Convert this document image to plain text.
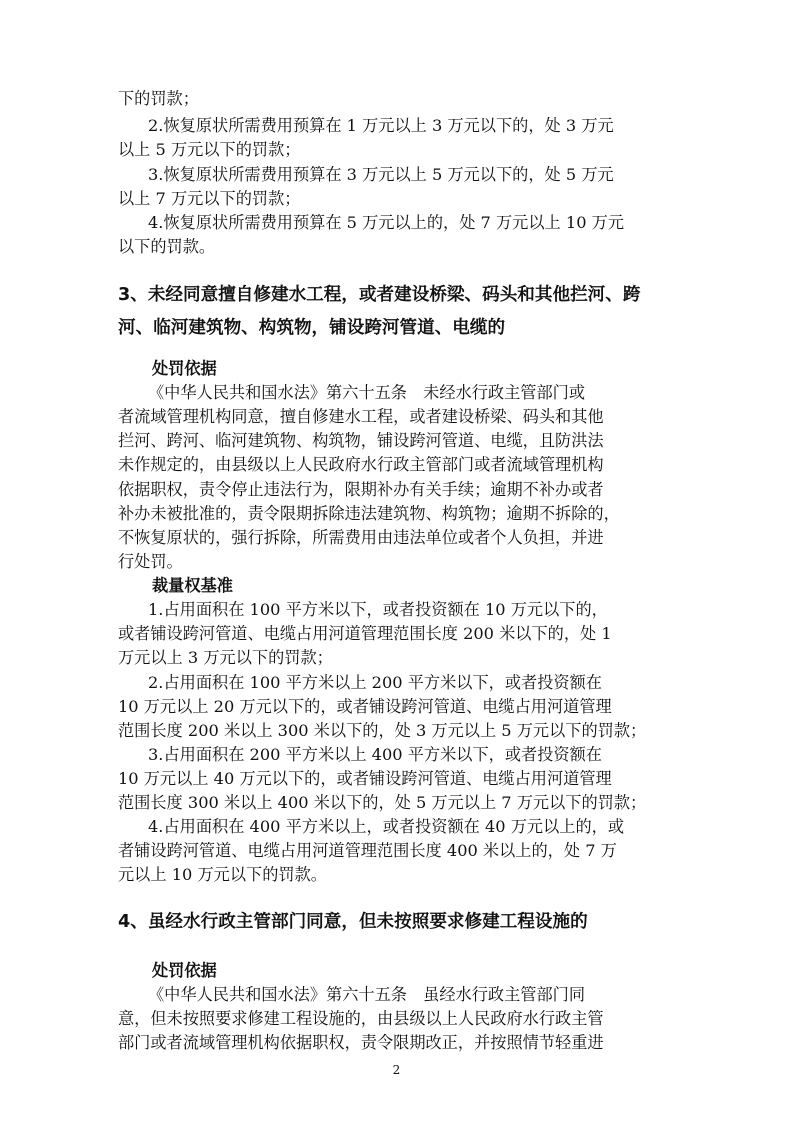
下的罚款；
2.恢复原状所需费用预算在 1 万元以上 3 万元以下的，处 3 万元
以上 5 万元以下的罚款；
3.恢复原状所需费用预算在 3 万元以上 5 万元以下的，处 5 万元
以上 7 万元以下的罚款；
4.恢复原状所需费用预算在 5 万元以上的，处 7 万元以上 10 万元
以下的罚款。
3、未经同意擅自修建水工程，或者建设桥梁、码头和其他拦河、跨
河、临河建筑物、构筑物，铺设跨河管道、电缆的
处罚依据
《中华人民共和国水法》第六十五条　未经水行政主管部门或
者流域管理机构同意，擅自修建水工程，或者建设桥梁、码头和其他
拦河、跨河、临河建筑物、构筑物，铺设跨河管道、电缆，且防洪法
未作规定的，由县级以上人民政府水行政主管部门或者流域管理机构
依据职权，责令停止违法行为，限期补办有关手续；逾期不补办或者
补办未被批准的，责令限期拆除违法建筑物、构筑物；逾期不拆除的，
不恢复原状的，强行拆除，所需费用由违法单位或者个人负担，并进
行处罚。
裁量权基准
1.占用面积在 100 平方米以下，或者投资额在 10 万元以下的，
或者铺设跨河管道、电缆占用河道管理范围长度 200 米以下的，处 1
万元以上 3 万元以下的罚款；
2.占用面积在 100 平方米以上 200 平方米以下，或者投资额在
10 万元以上 20 万元以下的，或者铺设跨河管道、电缆占用河道管理
范围长度 200 米以上 300 米以下的，处 3 万元以上 5 万元以下的罚款；
3.占用面积在 200 平方米以上 400 平方米以下，或者投资额在
10 万元以上 40 万元以下的，或者铺设跨河管道、电缆占用河道管理
范围长度 300 米以上 400 米以下的，处 5 万元以上 7 万元以下的罚款；
4.占用面积在 400 平方米以上，或者投资额在 40 万元以上的，或
者铺设跨河管道、电缆占用河道管理范围长度 400 米以上的，处 7 万
元以上 10 万元以下的罚款。
4、虽经水行政主管部门同意，但未按照要求修建工程设施的
处罚依据
《中华人民共和国水法》第六十五条　虽经水行政主管部门同
意，但未按照要求修建工程设施的，由县级以上人民政府水行政主管
部门或者流域管理机构依据职权，责令限期改正，并按照情节轻重进
2
